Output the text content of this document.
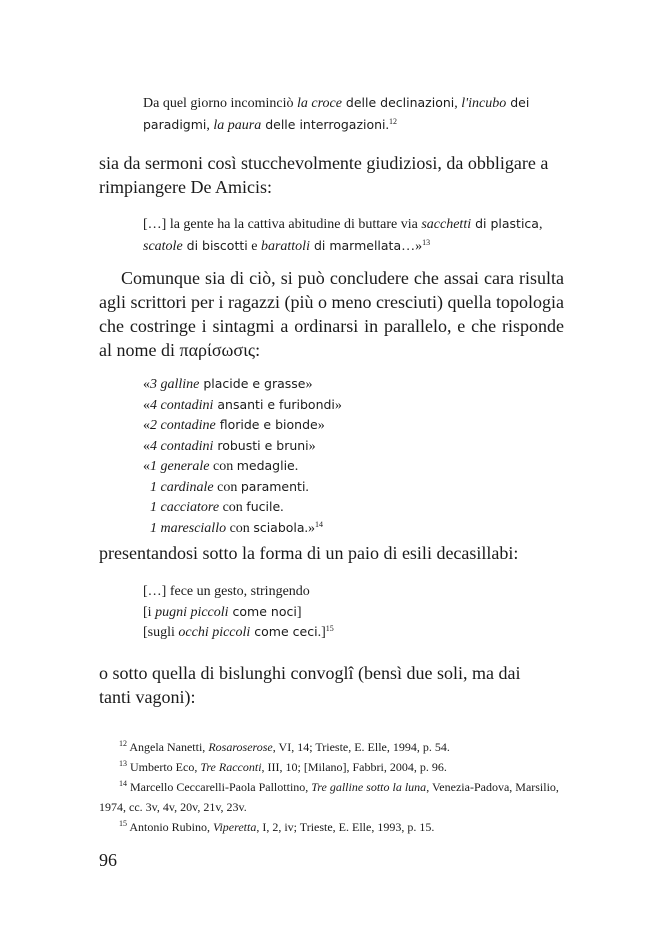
Da quel giorno incominciò la croce delle declinazioni, l'incubo dei

paradigmi, la paura delle interrogazioni.$^{12}$

sia da sermoni così stucchevolmente giudiziosi, da obbligare a

rimpiangere De Amicis:

[…] la gente ha la cattiva abitudine di buttare via sacchetti di plastica,

scatole di biscotti e barattoli di marmellata…»$^{13}$

Comunque sia di ciò, si può concludere che assai cara risulta agli scrittori per i ragazzi (più o meno cresciuti) quella topologia che costringe i sintagmi a ordinarsi in parallelo, e che risponde al nome di παρίσωσις:

«3 galline placide e grasse»
«4 contadini ansanti e furibondi»
«2 contadine floride e bionde»
«4 contadini robusti e bruni»
«1 generale con medaglie.
1 cardinale con paramenti.
1 cacciatore con fucile.
1 maresciallo con sciabola.»$^{14}$

presentandosi sotto la forma di un paio di esili decasillabi:

[…] fece un gesto, stringendo
[i pugni piccoli come noci]
[sugli occhi piccoli come ceci.]$^{15}$

o sotto quella di bislunghi convoglî (bensì due soli, ma dai

tanti vagoni):

$^{12}$ Angela Nanetti, Rosaroserose, VI, 14; Trieste, E. Elle, 1994, p. 54.

$^{13}$ Umberto Eco, Tre Racconti, III, 10; [Milano], Fabbri, 2004, p. 96.

$^{14}$ Marcello Ceccarelli-Paola Pallottino, Tre galline sotto la luna, Venezia-Padova, Marsilio, 1974, cc. 3v, 4v, 20v, 21v, 23v.

$^{15}$ Antonio Rubino, Viperetta, I, 2, iv; Trieste, E. Elle, 1993, p. 15.

96
